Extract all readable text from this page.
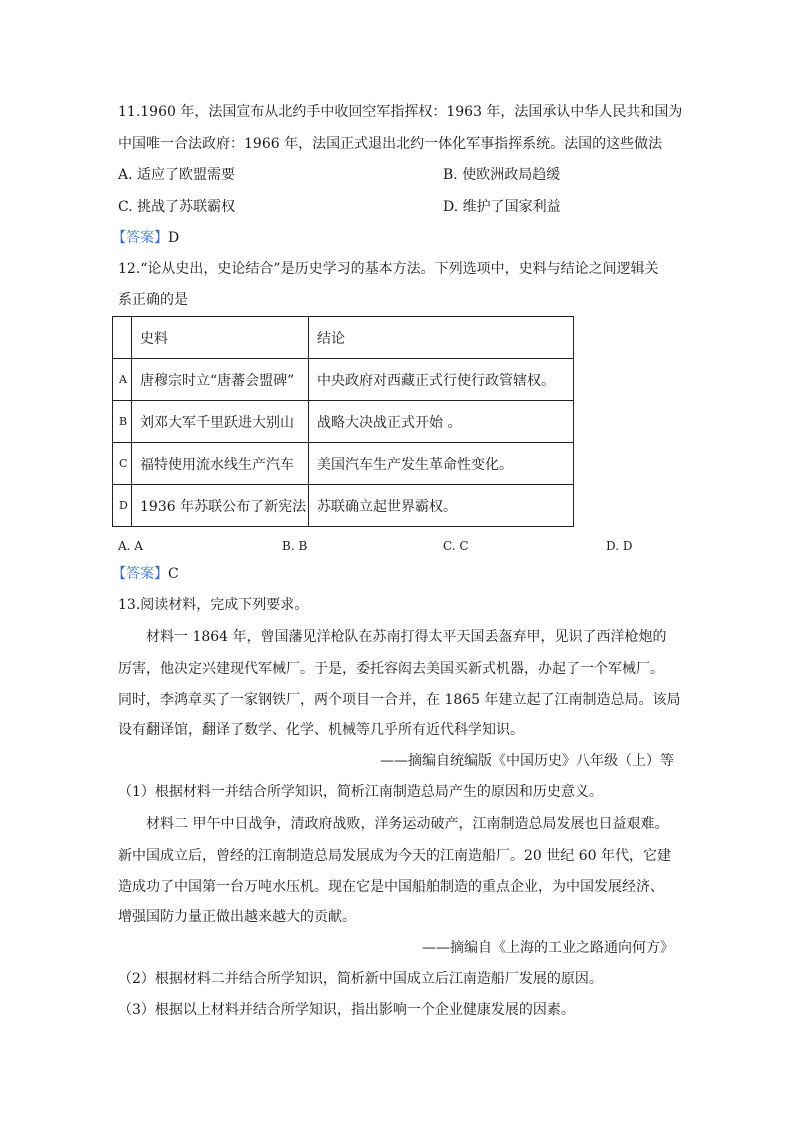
11.1960 年，法国宣布从北约手中收回空军指挥权：1963 年，法国承认中华人民共和国为
中国唯一合法政府：1966 年，法国正式退出北约一体化军事指挥系统。法国的这些做法
A. 适应了欧盟需要	B. 使欧洲政局趋缓
C. 挑战了苏联霸权	D. 维护了国家利益
【答案】D
12.“论从史出，史论结合”是历史学习的基本方法。下列选项中，史料与结论之间逻辑关
系正确的是
	史料	结论
A	唐穆宗时立“唐蕃会盟碑”	中央政府对西藏正式行使行政管辖权。
B	刘邓大军千里跃进大别山	战略大决战正式开始 。
C	福特使用流水线生产汽车	美国汽车生产发生革命性变化。
D	1936 年苏联公布了新宪法	苏联确立起世界霸权。
A. A	B. B	C. C	D. D
【答案】C
13.阅读材料，完成下列要求。
材料一 1864 年，曾国藩见洋枪队在苏南打得太平天国丢盔弃甲，见识了西洋枪炮的
厉害，他决定兴建现代军械厂。于是，委托容闳去美国买新式机器，办起了一个军械厂。
同时，李鸿章买了一家钢铁厂，两个项目一合并，在 1865 年建立起了江南制造总局。该局
设有翻译馆，翻译了数学、化学、机械等几乎所有近代科学知识。
——摘编自统编版《中国历史》八年级（上）等
（1）根据材料一并结合所学知识，简析江南制造总局产生的原因和历史意义。
材料二 甲午中日战争，清政府战败，洋务运动破产，江南制造总局发展也日益艰难。
新中国成立后，曾经的江南制造总局发展成为今天的江南造船厂。20 世纪 60 年代，它建
造成功了中国第一台万吨水压机。现在它是中国船舶制造的重点企业，为中国发展经济、
增强国防力量正做出越来越大的贡献。
——摘编自《上海的工业之路通向何方》
（2）根据材料二并结合所学知识，简析新中国成立后江南造船厂发展的原因。
（3）根据以上材料并结合所学知识，指出影响一个企业健康发展的因素。
